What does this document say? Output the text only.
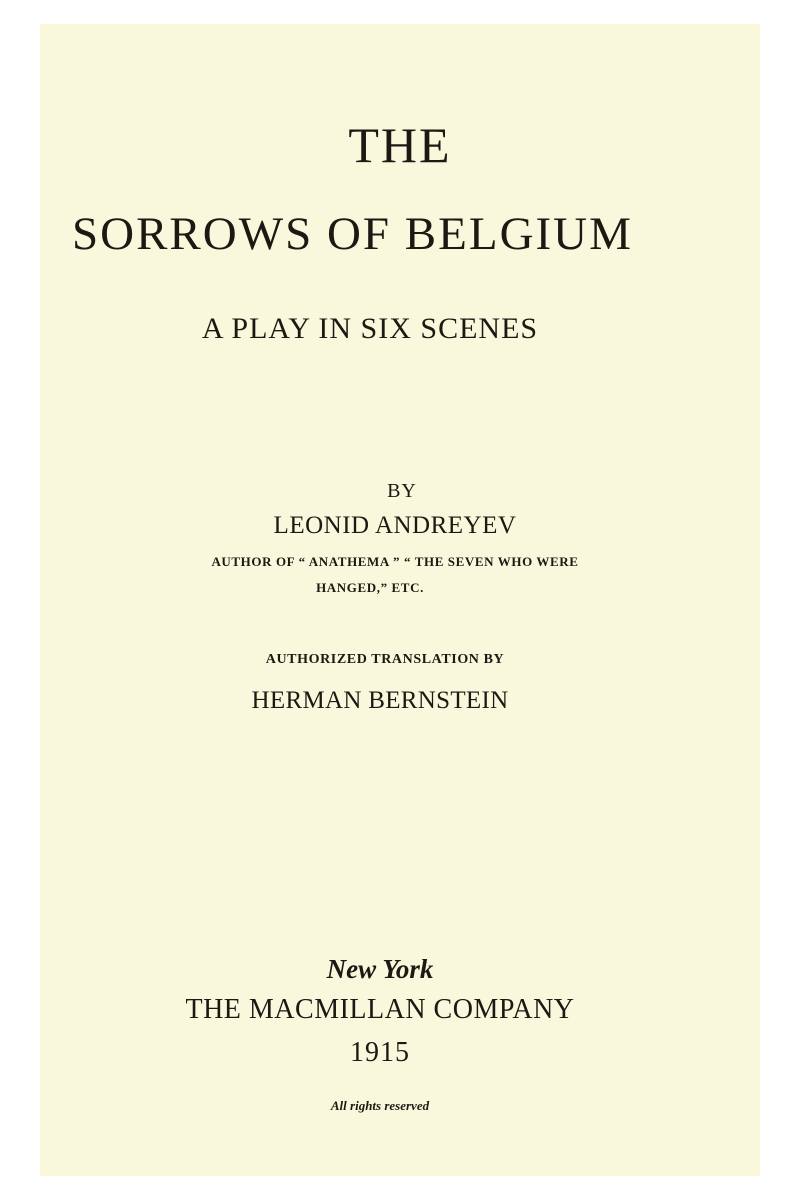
THE
SORROWS OF BELGIUM
A PLAY IN SIX SCENES
BY
LEONID ANDREYEV
AUTHOR OF “ ANATHEMA ” “ THE SEVEN WHO WERE
HANGED,” ETC.
AUTHORIZED TRANSLATION BY
HERMAN BERNSTEIN
New York
THE MACMILLAN COMPANY
1915
All rights reserved
